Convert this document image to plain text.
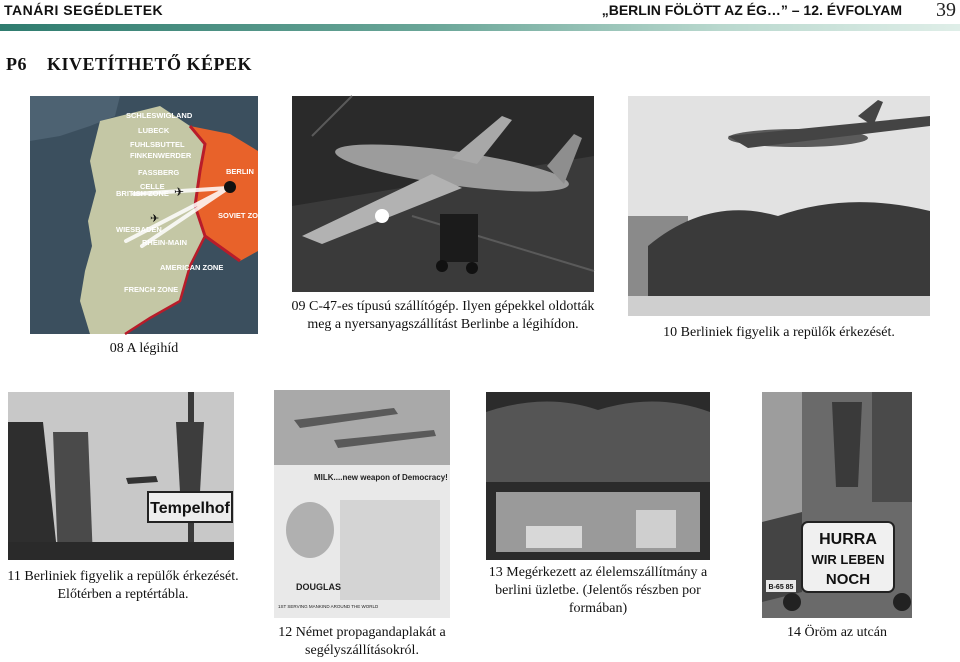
TANÁRI SEGÉDLETEK	„BERLIN FÖLÖTT AZ ÉG…” – 12. ÉVFOLYAM 39
P6 KIVETÍTHETŐ KÉPEK
✈
✈
SCHLESWIGLAND
LUBECK
FUHLSBUTTEL
FINKENWERDER
FASSBERG
CELLE
BERLIN
BRITISH ZONE
SOVIET ZONE
WIESBADEN
RHEIN-MAIN
AMERICAN ZONE
FRENCH ZONE
08 A légihíd
09 C-47-es típusú szállítógép. Ilyen gépekkel oldották meg a nyersanyagszállítást Berlinbe a légihídon.
10 Berliniek figyelik a repülők érkezését.
Tempelhof
11 Berliniek figyelik a repülők érkezését. Előtérben a reptértábla.
MILK....new weapon of Democracy!
DOUGLAS
1ST SERVING MANKIND AROUND THE WORLD
12 Német propagandaplakát a segélyszállításokról.
13 Megérkezett az élelemszállítmány a berlini üzletbe. (Jelentős részben por formában)
HURRA
WIR LEBEN
NOCH
B-65 85
14 Öröm az utcán
